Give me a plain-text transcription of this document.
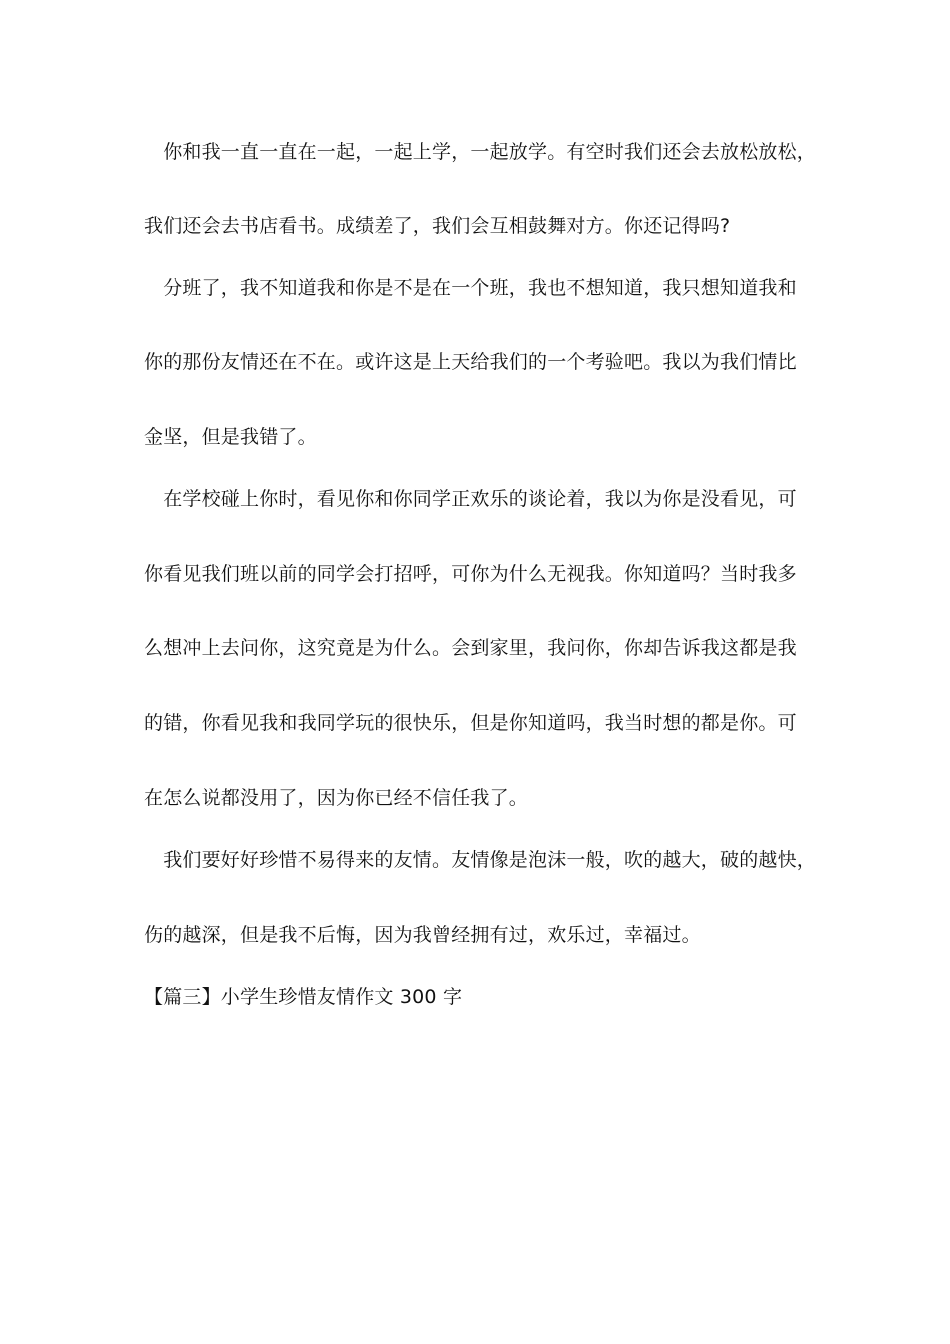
　你和我一直一直在一起，一起上学，一起放学。有空时我们还会去放松放松，
我们还会去书店看书。成绩差了，我们会互相鼓舞对方。你还记得吗?
　分班了，我不知道我和你是不是在一个班，我也不想知道，我只想知道我和
你的那份友情还在不在。或许这是上天给我们的一个考验吧。我以为我们情比
金坚，但是我错了。
　在学校碰上你时，看见你和你同学正欢乐的谈论着，我以为你是没看见，可
你看见我们班以前的同学会打招呼，可你为什么无视我。你知道吗？当时我多
么想冲上去问你，这究竟是为什么。会到家里，我问你，你却告诉我这都是我
的错，你看见我和我同学玩的很快乐，但是你知道吗，我当时想的都是你。可
在怎么说都没用了，因为你已经不信任我了。
　我们要好好珍惜不易得来的友情。友情像是泡沫一般，吹的越大，破的越快，
伤的越深，但是我不后悔，因为我曾经拥有过，欢乐过，幸福过。
【篇三】小学生珍惜友情作文 300 字
